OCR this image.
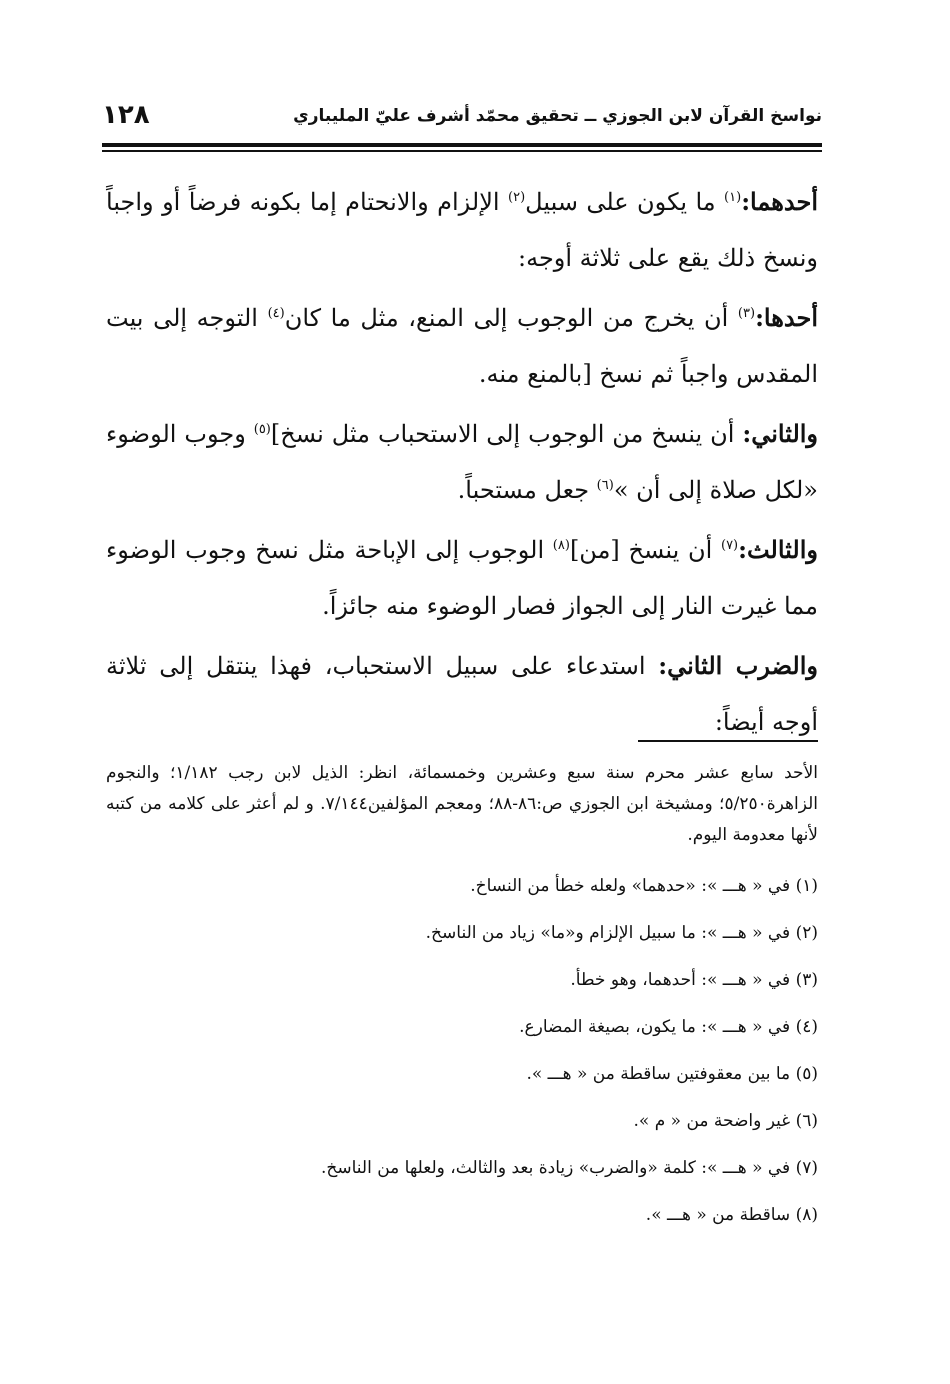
نواسخ القرآن لابن الجوزي ــ تحقيق محمّد أشرف عليّ المليباري
١٢٨

أحدهما:$^{(١)}$ ما يكون على سبيل$^{(٢)}$ الإلزام والانحتام إما بكونه فرضاً أو واجباً ونسخ ذلك يقع على ثلاثة أوجه:

أحدها:$^{(٣)}$ أن يخرج من الوجوب إلى المنع، مثل ما كان$^{(٤)}$ التوجه إلى بيت المقدس واجباً ثم نسخ [بالمنع منه.

والثاني: أن ينسخ من الوجوب إلى الاستحباب مثل نسخ]$^{(٥)}$ وجوب الوضوء «لكل صلاة إلى أن »$^{(٦)}$ جعل مستحباً.

والثالث:$^{(٧)}$ أن ينسخ [من]$^{(٨)}$ الوجوب إلى الإباحة مثل نسخ وجوب الوضوء مما غيرت النار إلى الجواز فصار الوضوء منه جائزاً.

والضرب الثاني: استدعاء على سبيل الاستحباب، فهذا ينتقل إلى ثلاثة أوجه أيضاً:

الأحد سابع عشر محرم سنة سبع وعشرين وخمسمائة، انظر: الذيل لابن رجب ١/١٨٢؛ والنجوم الزاهرة٥/٢٥٠؛ ومشيخة ابن الجوزي ص:٨٦-٨٨؛ ومعجم المؤلفين٧/١٤٤. و لم أعثر على كلامه من كتبه لأنها معدومة اليوم.

(١) في « هـــ »: «حدهما» ولعله خطأ من النساخ.

(٢) في « هـــ »: ما سبيل الإلزام و«ما» زياد من الناسخ.

(٣) في « هـــ »: أحدهما، وهو خطأ.

(٤) في « هـــ »: ما يكون، بصيغة المضارع.

(٥) ما بين معقوفتين ساقطة من « هـــ ».

(٦) غير واضحة من « م ».

(٧) في « هـــ »: كلمة «والضرب» زيادة بعد والثالث، ولعلها من الناسخ.

(٨) ساقطة من « هـــ ».
